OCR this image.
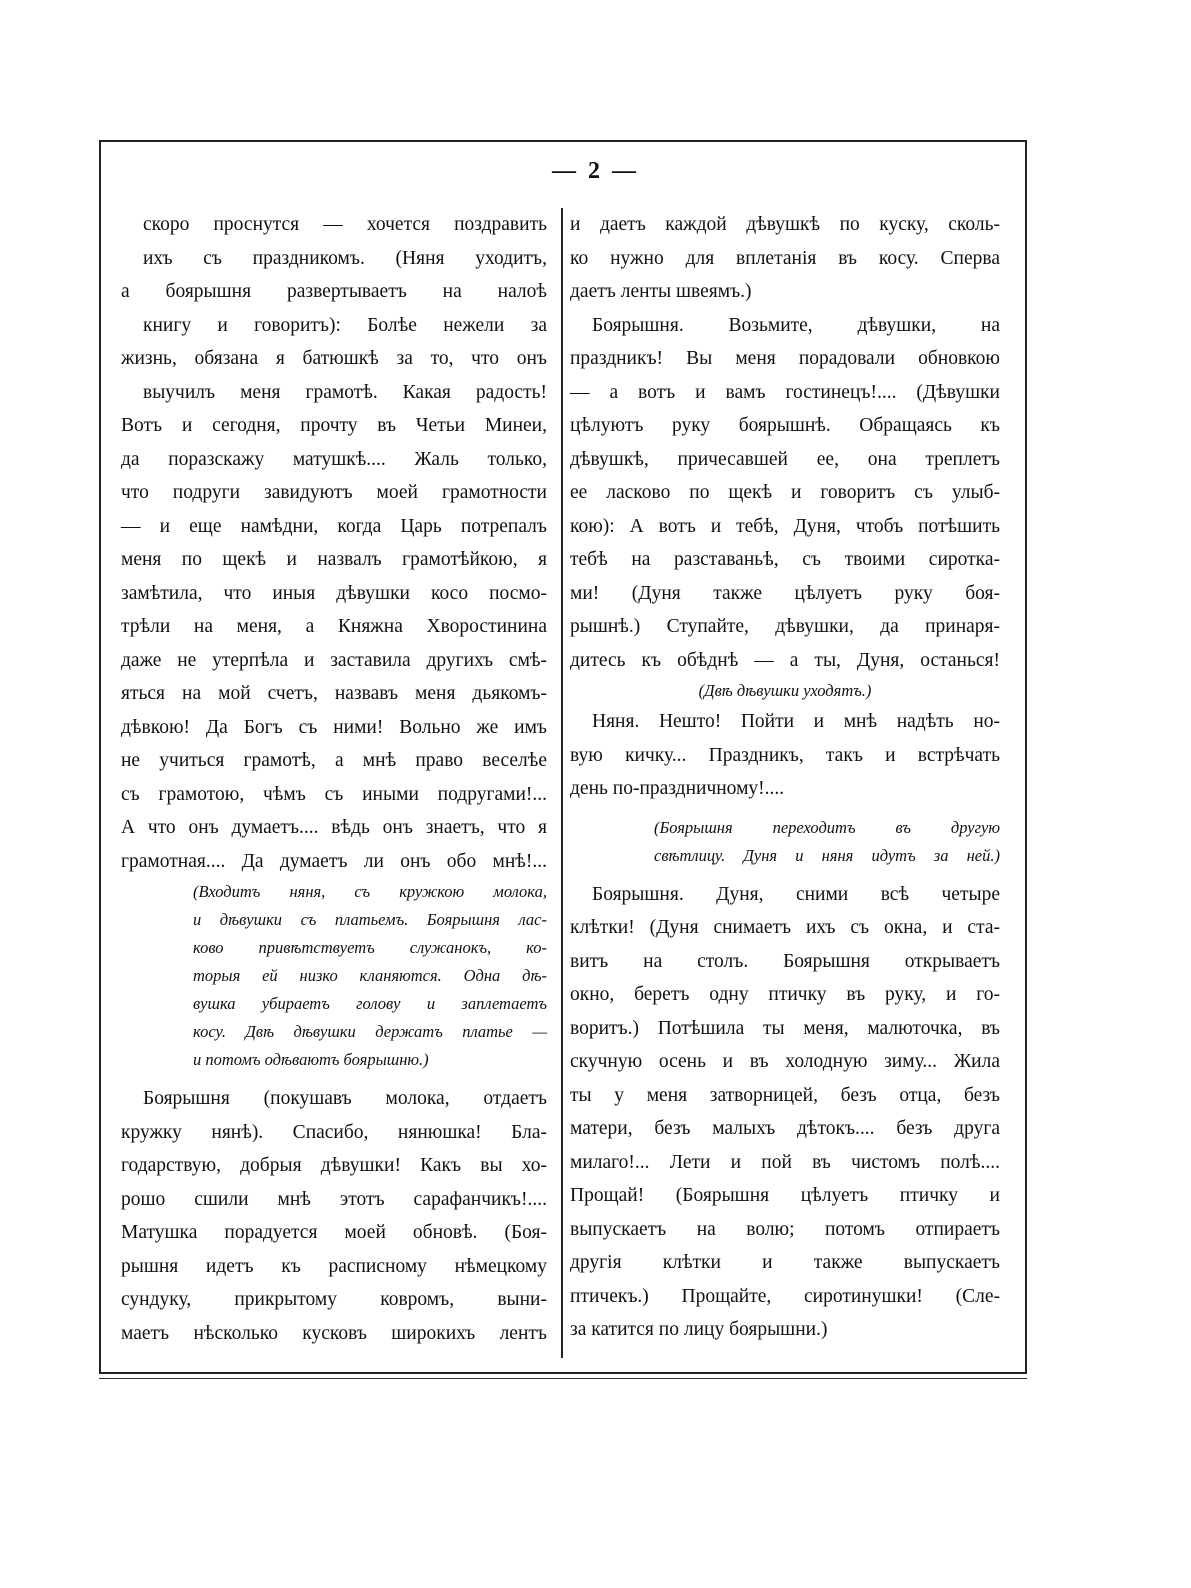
— 2 —
скоро проснутся — хочется поздравить
ихъ съ праздникомъ. (Няня уходитъ,
а боярышня развертываетъ на налоѣ
книгу и говоритъ): Болѣе нежели за
жизнь, обязана я батюшкѣ за то, что онъ
выучилъ меня грамотѣ. Какая радость!
Вотъ и сегодня, прочту въ Четьи Минеи,
да поразскажу матушкѣ.... Жаль только,
что подруги завидуютъ моей грамотности
— и еще намѣдни, когда Царь потрепалъ
меня по щекѣ и назвалъ грамотѣйкою, я
замѣтила, что иныя дѣвушки косо посмо-
трѣли на меня, а Княжна Хворостинина
даже не утерпѣла и заставила другихъ смѣ-
яться на мой счетъ, назвавъ меня дьякомъ-
дѣвкою! Да Богъ съ ними! Вольно же имъ
не учиться грамотѣ, а мнѣ право веселѣе
съ грамотою, чѣмъ съ иными подругами!...
А что онъ думаетъ.... вѣдь онъ знаетъ, что я
грамотная.... Да думаетъ ли онъ обо мнѣ!...
(Входитъ няня, съ кружкою молока,
и дѣвушки съ платьемъ. Боярышня лас-
ково привѣтствуетъ служанокъ, ко-
торыя ей низко кланяются. Одна дѣ-
вушка убираетъ голову и заплетаетъ
косу. Двѣ дѣвушки держатъ платье —
и потомъ одѣваютъ боярышню.)
Боярышня (покушавъ молока, отдаетъ
кружку нянѣ). Спасибо, нянюшка! Бла-
годарствую, добрыя дѣвушки! Какъ вы хо-
рошо сшили мнѣ этотъ сарафанчикъ!....
Матушка порадуется моей обновѣ. (Боя-
рышня идетъ къ расписному нѣмецкому
сундуку, прикрытому ковромъ, выни-
маетъ нѣсколько кусковъ широкихъ лентъ
и даетъ каждой дѣвушкѣ по куску, сколь-
ко нужно для вплетанія въ косу. Сперва
даетъ ленты швеямъ.)
Боярышня. Возьмите, дѣвушки, на
праздникъ! Вы меня порадовали обновкою
— а вотъ и вамъ гостинецъ!.... (Дѣвушки
цѣлуютъ руку боярышнѣ. Обращаясь къ
дѣвушкѣ, причесавшей ее, она треплетъ
ее ласково по щекѣ и говоритъ съ улыб-
кою): А вотъ и тебѣ, Дуня, чтобъ потѣшить
тебѣ на разставаньѣ, съ твоими сиротка-
ми! (Дуня также цѣлуетъ руку боя-
рышнѣ.) Ступайте, дѣвушки, да принаря-
дитесь къ обѣднѣ — а ты, Дуня, останься!
(Двѣ дѣвушки уходятъ.)
Няня. Нешто! Пойти и мнѣ надѣть но-
вую кичку... Праздникъ, такъ и встрѣчать
день по-праздничному!....
(Боярышня переходитъ въ другую
свѣтлицу. Дуня и няня идутъ за ней.)
Боярышня. Дуня, сними всѣ четыре
клѣтки! (Дуня снимаетъ ихъ съ окна, и ста-
витъ на столъ. Боярышня открываетъ
окно, беретъ одну птичку въ руку, и го-
воритъ.) Потѣшила ты меня, малюточка, въ
скучную осень и въ холодную зиму... Жила
ты у меня затворницей, безъ отца, безъ
матери, безъ малыхъ дѣтокъ.... безъ друга
милаго!... Лети и пой въ чистомъ полѣ....
Прощай! (Боярышня цѣлуетъ птичку и
выпускаетъ на волю; потомъ отпираетъ
другія клѣтки и также выпускаетъ
птичекъ.) Прощайте, сиротинушки! (Сле-
за катится по лицу боярышни.)
